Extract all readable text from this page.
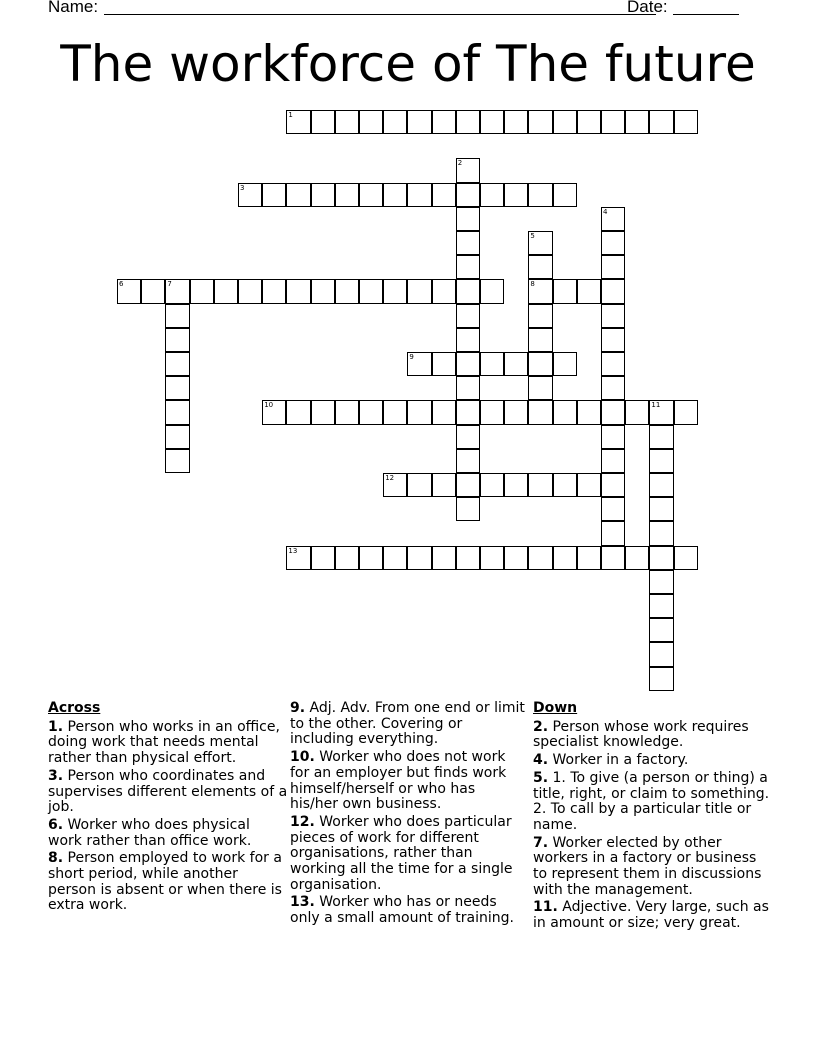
Name:	Date:
The workforce of The future
1
2
3
4
5
8
6	7
9
10	11
12
13
Across
1. Person who works in an office, doing work that needs mental rather than physical effort.
3. Person who coordinates and supervises different elements of a job.
6. Worker who does physical work rather than office work.
8. Person employed to work for a short period, while another person is absent or when there is extra work.
9. Adj. Adv. From one end or limit to the other. Covering or including everything.
10. Worker who does not work for an employer but finds work himself/herself or who has his/her own business.
12. Worker who does particular pieces of work for different organisations, rather than working all the time for a single organisation.
13. Worker who has or needs only a small amount of training.
Down
2. Person whose work requires specialist knowledge.
4. Worker in a factory.
5. 1. To give (a person or thing) a title, right, or claim to something. 2. To call by a particular title or name.
7. Worker elected by other workers in a factory or business to represent them in discussions with the management.
11. Adjective. Very large, such as in amount or size; very great.
